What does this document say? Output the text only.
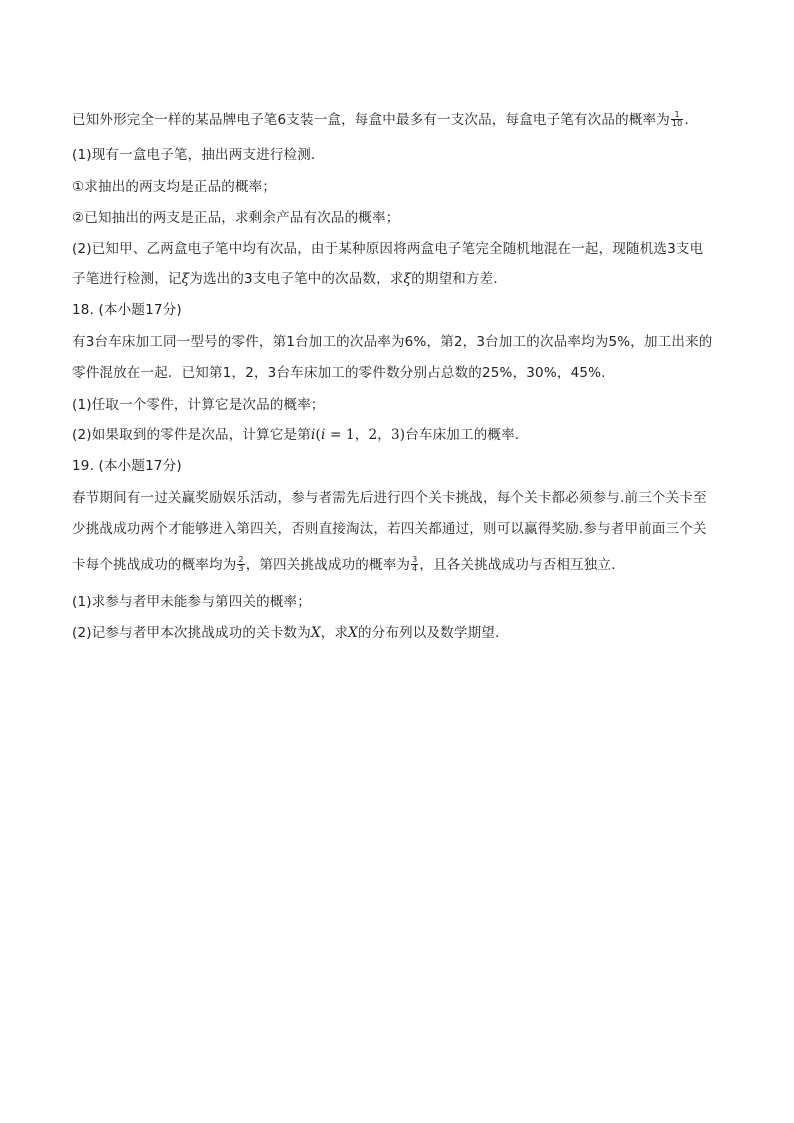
已知外形完全一样的某品牌电子笔6支装一盒，每盒中最多有一支次品，每盒电子笔有次品的概率为 $\frac{1}{10}$ .
(1)现有一盒电子笔，抽出两支进行检测.
①求抽出的两支均是正品的概率；
②已知抽出的两支是正品，求剩余产品有次品的概率；
(2)已知甲、乙两盒电子笔中均有次品，由于某种原因将两盒电子笔完全随机地混在一起，现随机选3支电
子笔进行检测，记ξ为选出的3支电子笔中的次品数，求ξ的期望和方差.
18. (本小题17分)
有3台车床加工同一型号的零件，第1台加工的次品率为6%，第2，3台加工的次品率均为5%，加工出来的
零件混放在一起．已知第1，2，3台车床加工的零件数分别占总数的25%，30%，45%.
(1)任取一个零件，计算它是次品的概率；
(2)如果取到的零件是次品，计算它是第i(i = 1，2，3)台车床加工的概率.
19. (本小题17分)
春节期间有一过关赢奖励娱乐活动，参与者需先后进行四个关卡挑战，每个关卡都必须参与.前三个关卡至
少挑战成功两个才能够进入第四关，否则直接淘汰，若四关都通过，则可以赢得奖励.参与者甲前面三个关
卡每个挑战成功的概率均为 $\frac{2}{3}$ ，第四关挑战成功的概率为 $\frac{3}{4}$ ，且各关挑战成功与否相互独立.
(1)求参与者甲未能参与第四关的概率；
(2)记参与者甲本次挑战成功的关卡数为X，求X的分布列以及数学期望.
